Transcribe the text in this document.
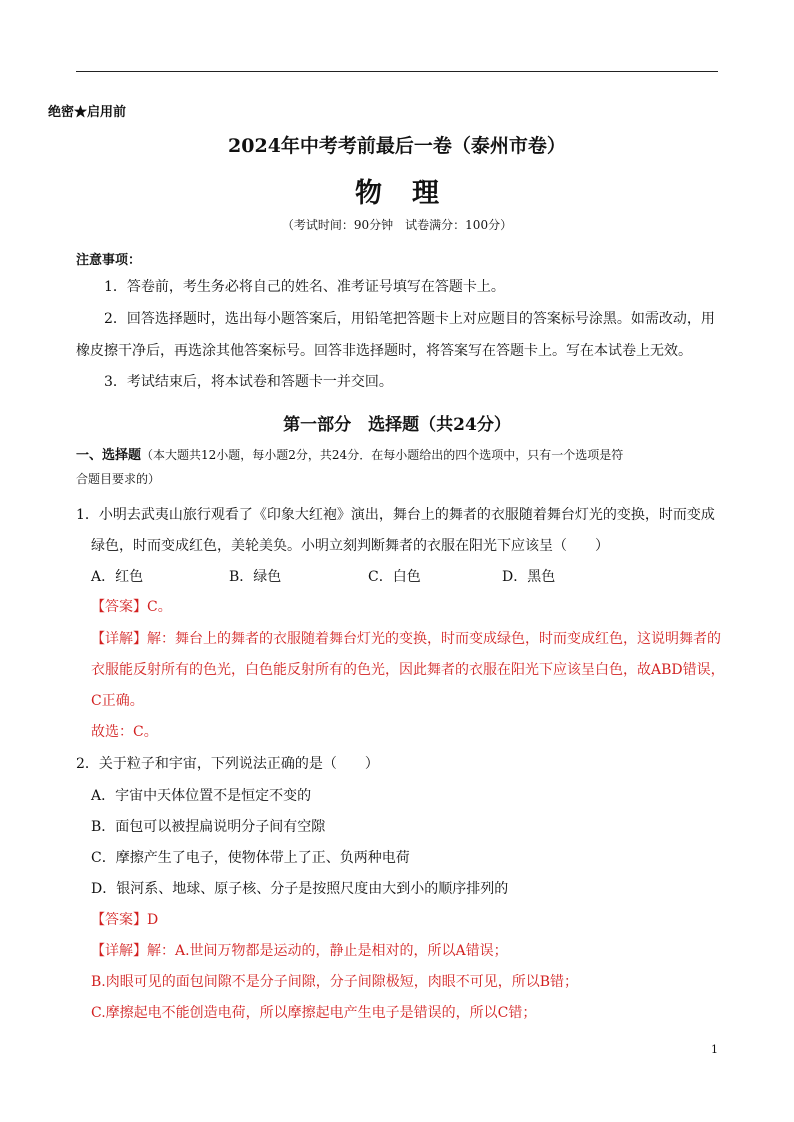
绝密★启用前
2024年中考考前最后一卷（泰州市卷）
物理
（考试时间：90分钟　试卷满分：100分）
注意事项：
1．答卷前，考生务必将自己的姓名、准考证号填写在答题卡上。
2．回答选择题时，选出每小题答案后，用铅笔把答题卡上对应题目的答案标号涂黑。如需改动，用
橡皮擦干净后，再选涂其他答案标号。回答非选择题时，将答案写在答题卡上。写在本试卷上无效。
3．考试结束后，将本试卷和答题卡一并交回。
第一部分　选择题（共24分）
一、选择题（本大题共12小题，每小题2分，共24分．在每小题给出的四个选项中，只有一个选项是符
合题目要求的）
1．小明去武夷山旅行观看了《印象大红袍》演出，舞台上的舞者的衣服随着舞台灯光的变换，时而变成
绿色，时而变成红色，美轮美奂。小明立刻判断舞者的衣服在阳光下应该呈（　　）
A．红色	B．绿色	C．白色	D．黑色
【答案】C。
【详解】解：舞台上的舞者的衣服随着舞台灯光的变换，时而变成绿色，时而变成红色，这说明舞者的
衣服能反射所有的色光，白色能反射所有的色光，因此舞者的衣服在阳光下应该呈白色，故ABD错误，
C正确。
故选：C。
2．关于粒子和宇宙，下列说法正确的是（　　）
A．宇宙中天体位置不是恒定不变的
B．面包可以被捏扁说明分子间有空隙
C．摩擦产生了电子，使物体带上了正、负两种电荷
D．银河系、地球、原子核、分子是按照尺度由大到小的顺序排列的
【答案】D
【详解】解：A.世间万物都是运动的，静止是相对的，所以A错误；
B.肉眼可见的面包间隙不是分子间隙，分子间隙极短，肉眼不可见，所以B错；
C.摩擦起电不能创造电荷，所以摩擦起电产生电子是错误的，所以C错；
1
